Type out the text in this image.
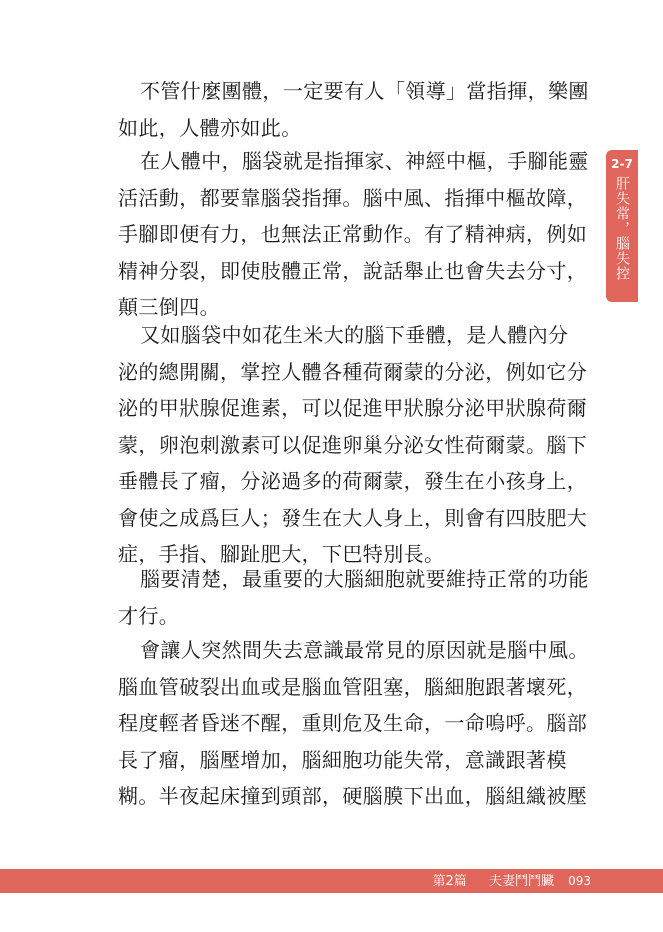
不管什麼團體，一定要有人「領導」當指揮，樂團
如此，人體亦如此。

在人體中，腦袋就是指揮家、神經中樞，手腳能靈
活活動，都要靠腦袋指揮。腦中風、指揮中樞故障，
手腳即便有力，也無法正常動作。有了精神病，例如
精神分裂，即使肢體正常，說話舉止也會失去分寸，
顛三倒四。

又如腦袋中如花生米大的腦下垂體，是人體內分
泌的總開關，掌控人體各種荷爾蒙的分泌，例如它分
泌的甲狀腺促進素，可以促進甲狀腺分泌甲狀腺荷爾
蒙，卵泡刺激素可以促進卵巢分泌女性荷爾蒙。腦下
垂體長了瘤，分泌過多的荷爾蒙，發生在小孩身上，
會使之成爲巨人；發生在大人身上，則會有四肢肥大
症，手指、腳趾肥大，下巴特別長。

腦要清楚，最重要的大腦細胞就要維持正常的功能
才行。

會讓人突然間失去意識最常見的原因就是腦中風。
腦血管破裂出血或是腦血管阻塞，腦細胞跟著壞死，
程度輕者昏迷不醒，重則危及生命，一命嗚呼。腦部
長了瘤，腦壓增加，腦細胞功能失常，意識跟著模
糊。半夜起床撞到頭部，硬腦膜下出血，腦組織被壓

2-7
肝失常，腦失控
第2篇 夫妻鬥鬥臟 093
